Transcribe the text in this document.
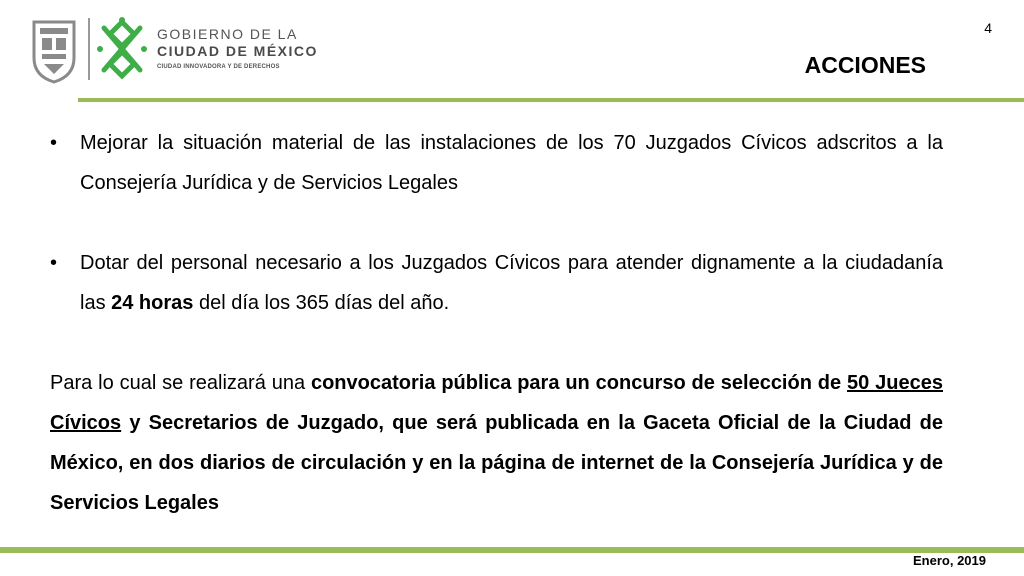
GOBIERNO DE LA
CIUDAD DE MÉXICO
CIUDAD INNOVADORA Y DE DERECHOS
4
ACCIONES
•	Mejorar la situación material de las instalaciones de los 70 Juzgados Cívicos adscritos a la Consejería Jurídica y de Servicios Legales
•	Dotar del personal necesario a los Juzgados Cívicos para atender dignamente a la ciudadanía las 24 horas del día los 365 días del año.
Para lo cual se realizará una convocatoria pública para un concurso de selección de 50 Jueces Cívicos y Secretarios de Juzgado, que será publicada en la Gaceta Oficial de la Ciudad de México, en dos diarios de circulación y en la página de internet de la Consejería Jurídica y de Servicios Legales
Enero, 2019
